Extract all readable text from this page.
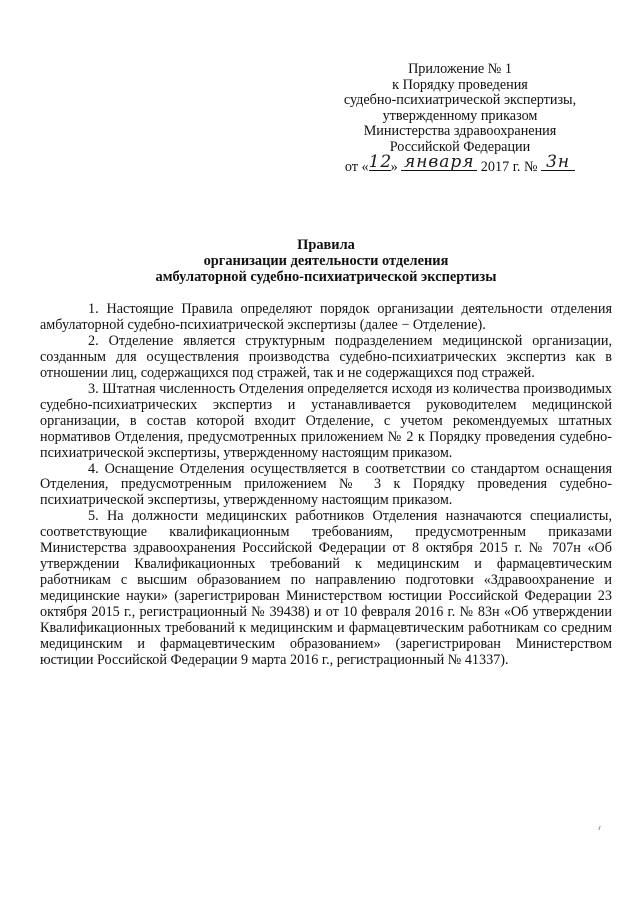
Приложение № 1
к Порядку проведения
судебно-психиатрической экспертизы,
утвержденному приказом
Министерства здравоохранения
Российской Федерации
от « 12
» января 2017 г. № 3н
Правила
организации деятельности отделения
амбулаторной судебно-психиатрической экспертизы

1. Настоящие Правила определяют порядок организации деятельности отделения амбулаторной судебно-психиатрической экспертизы (далее − Отделение).

2. Отделение является структурным подразделением медицинской организации, созданным для осуществления производства судебно-психиатрических экспертиз как в отношении лиц, содержащихся под стражей, так и не содержащихся под стражей.

3. Штатная численность Отделения определяется исходя из количества производимых судебно-психиатрических экспертиз и устанавливается руководителем медицинской организации, в состав которой входит Отделение, с учетом рекомендуемых штатных нормативов Отделения, предусмотренных приложением № 2 к Порядку проведения судебно-психиатрической экспертизы, утвержденному настоящим приказом.

4. Оснащение Отделения осуществляется в соответствии со стандартом оснащения Отделения, предусмотренным приложением № 3 к Порядку проведения судебно-психиатрической экспертизы, утвержденному настоящим приказом.

5. На должности медицинских работников Отделения назначаются специалисты, соответствующие квалификационным требованиям, предусмотренным приказами Министерства здравоохранения Российской Федерации от 8 октября 2015 г. № 707н «Об утверждении Квалификационных требований к медицинским и фармацевтическим работникам с высшим образованием по направлению подготовки «Здравоохранение и медицинские науки» (зарегистрирован Министерством юстиции Российской Федерации 23 октября 2015 г., регистрационный № 39438) и от 10 февраля 2016 г. № 83н «Об утверждении Квалификационных требований к медицинским и фармацевтическим работникам со средним медицинским и фармацевтическим образованием» (зарегистрирован Министерством юстиции Российской Федерации 9 марта 2016 г., регистрационный № 41337).
